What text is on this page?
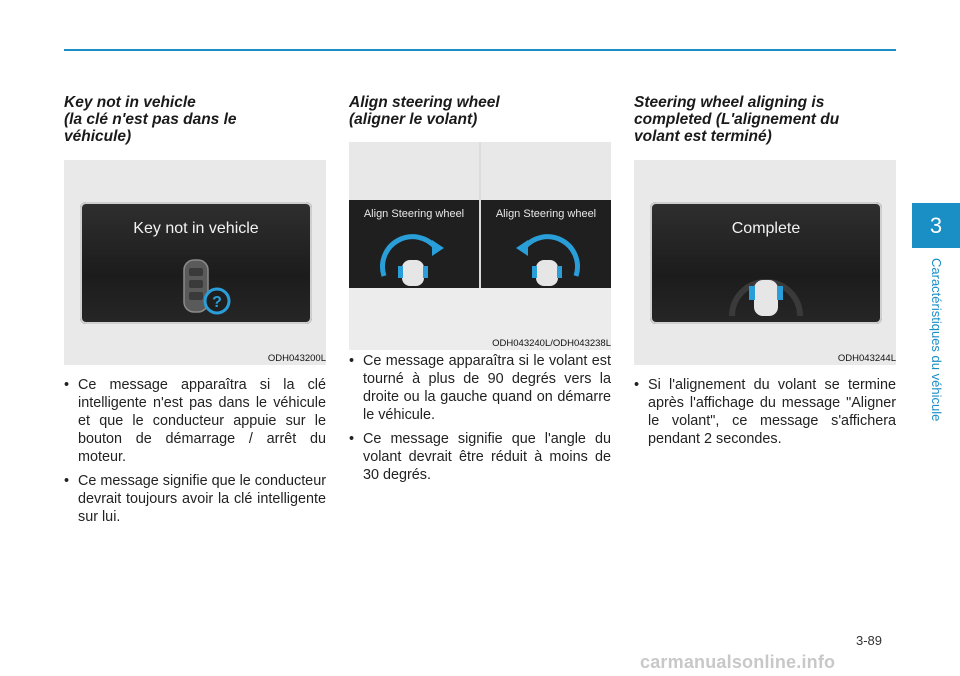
Key not in vehicle
(la clé n'est pas dans le
véhicule)

Key not in vehicle
?
ODH043200L
• Ce message apparaîtra si la clé intelligente n'est pas dans le véhicule et que le conducteur appuie sur le bouton de démarrage / arrêt du moteur.
• Ce message signifie que le conducteur devrait toujours avoir la clé intelligente sur lui.

Align steering wheel
(aligner le volant)

Align Steering wheel	Align Steering wheel
ODH043240L/ODH043238L
• Ce message apparaîtra si le volant est tourné à plus de 90 degrés vers la droite ou la gauche quand on démarre le véhicule.
• Ce message signifie que l'angle du volant devrait être réduit à moins de 30 degrés.

Steering wheel aligning is
completed (L'alignement du
volant est terminé)

Complete
ODH043244L
• Si l'alignement du volant se termine après l'affichage du message "Aligner le volant", ce message s'affichera pendant 2 secondes.
3
Caractéristiques du véhicule
3-89
carmanualsonline.info
